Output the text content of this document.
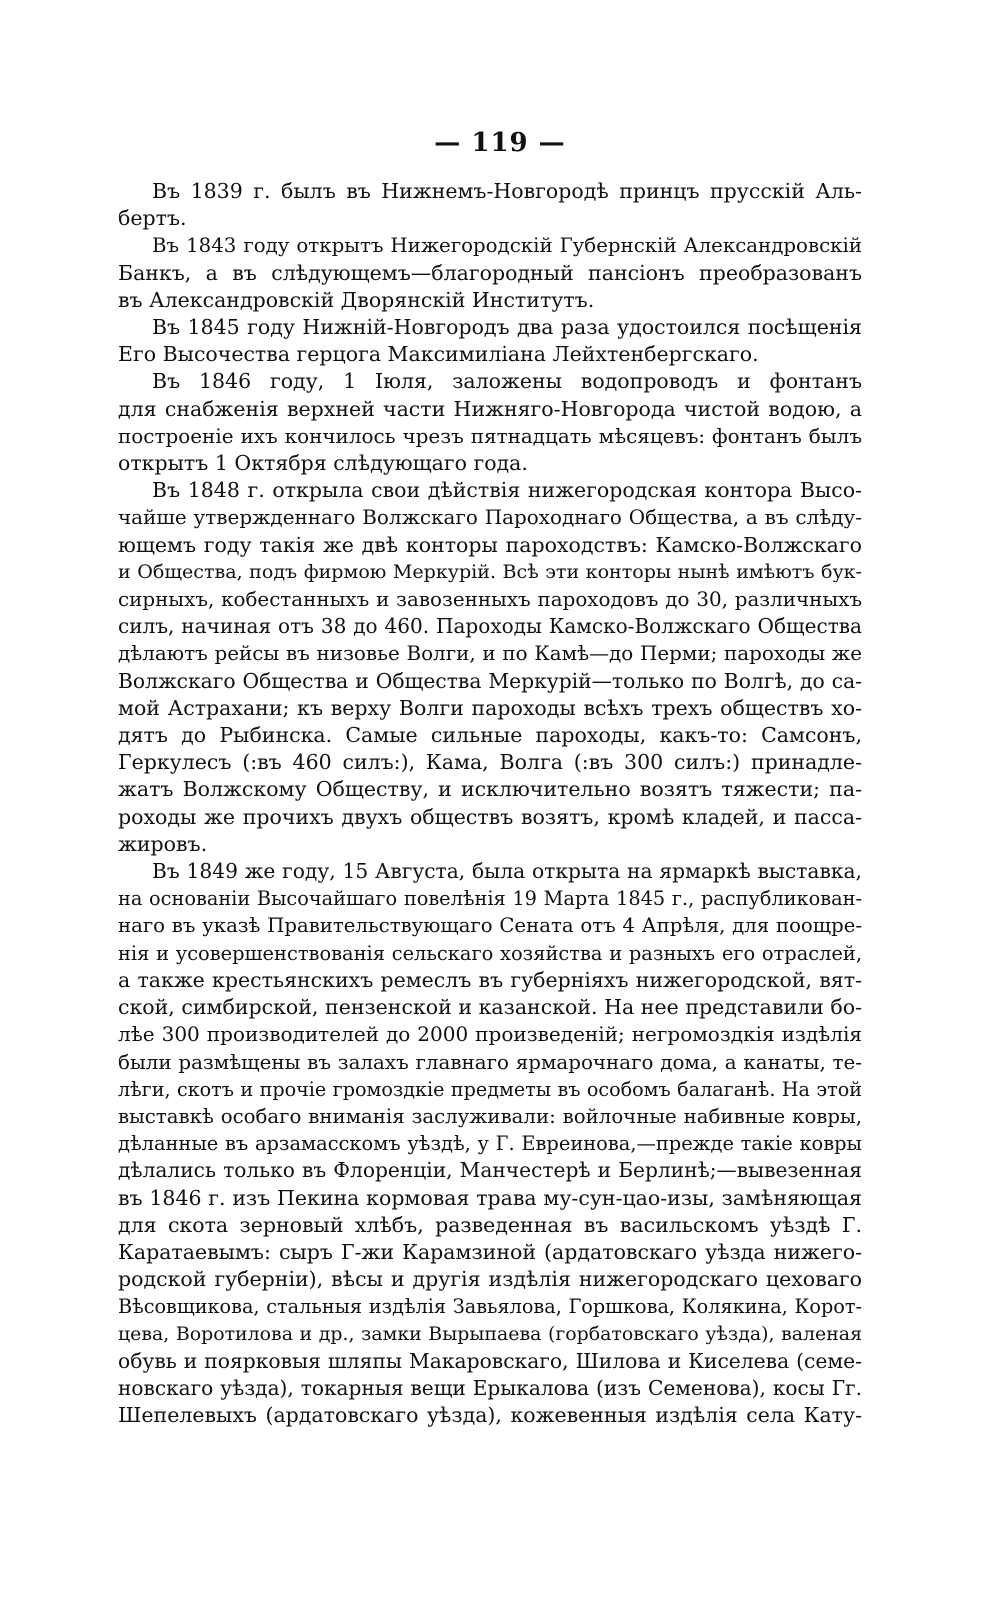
— 119 —
Въ 1839 г. былъ въ Нижнемъ-Новгородѣ принцъ прусскій Аль-
бертъ.
Въ 1843 году открытъ Нижегородскій Губернскій Александровскій
Банкъ, а въ слѣдующемъ—благородный пансіонъ преобразованъ
въ Александровскій Дворянскій Институтъ.
Въ 1845 году Нижній-Новгородъ два раза удостоился посѣщенія
Его Высочества герцога Максимиліана Лейхтенбергскаго.
Въ 1846 году, 1 Іюля, заложены водопроводъ и фонтанъ
для снабженія верхней части Нижняго-Новгорода чистой водою, а
построеніе ихъ кончилось чрезъ пятнадцать мѣсяцевъ: фонтанъ былъ
открытъ 1 Октября слѣдующаго года.
Въ 1848 г. открыла свои дѣйствія нижегородская контора Высо-
чайше утвержденнаго Волжскаго Пароходнаго Общества, а въ слѣду-
ющемъ году такія же двѣ конторы пароходствъ: Камско-Волжскаго
и Общества, подъ фирмою Меркурій. Всѣ эти конторы нынѣ имѣютъ бук-
сирныхъ, кобестанныхъ и завозенныхъ пароходовъ до 30, различныхъ
силъ, начиная отъ 38 до 460. Пароходы Камско-Волжскаго Общества
дѣлаютъ рейсы въ низовье Волги, и по Камѣ—до Перми; пароходы же
Волжскаго Общества и Общества Меркурій—только по Волгѣ, до са-
мой Астрахани; къ верху Волги пароходы всѣхъ трехъ обществъ хо-
дятъ до Рыбинска. Самые сильные пароходы, какъ-то: Самсонъ,
Геркулесъ (:въ 460 силъ:), Кама, Волга (:въ 300 силъ:) принадле-
жатъ Волжскому Обществу, и исключительно возятъ тяжести; па-
роходы же прочихъ двухъ обществъ возятъ, кромѣ кладей, и пасса-
жировъ.
Въ 1849 же году, 15 Августа, была открыта на ярмаркѣ выставка,
на основаніи Высочайшаго повелѣнія 19 Марта 1845 г., распубликован-
наго въ указѣ Правительствующаго Сената отъ 4 Апрѣля, для поощре-
нія и усовершенствованія сельскаго хозяйства и разныхъ его отраслей,
а также крестьянскихъ ремеслъ въ губерніяхъ нижегородской, вят-
ской, симбирской, пензенской и казанской. На нее представили бо-
лѣе 300 производителей до 2000 произведеній; негромоздкія издѣлія
были размѣщены въ залахъ главнаго ярмарочнаго дома, а канаты, те-
лѣги, скотъ и прочіе громоздкіе предметы въ особомъ балаганѣ. На этой
выставкѣ особаго вниманія заслуживали: войлочные набивные ковры,
дѣланные въ арзамасскомъ уѣздѣ, у Г. Евреинова,—прежде такіе ковры
дѣлались только въ Флоренціи, Манчестерѣ и Берлинѣ;—вывезенная
въ 1846 г. изъ Пекина кормовая трава му-сун-цао-изы, замѣняющая
для скота зерновый хлѣбъ, разведенная въ васильскомъ уѣздѣ Г.
Каратаевымъ: сыръ Г-жи Карамзиной (ардатовскаго уѣзда нижего-
родской губерніи), вѣсы и другія издѣлія нижегородскаго цеховаго
Вѣсовщикова, стальныя издѣлія Завьялова, Горшкова, Колякина, Корот-
цева, Воротилова и др., замки Вырыпаева (горбатовскаго уѣзда), валеная
обувь и поярковыя шляпы Макаровскаго, Шилова и Киселева (семе-
новскаго уѣзда), токарныя вещи Ерыкалова (изъ Семенова), косы Гг.
Шепелевыхъ (ардатовскаго уѣзда), кожевенныя издѣлія села Кату-
